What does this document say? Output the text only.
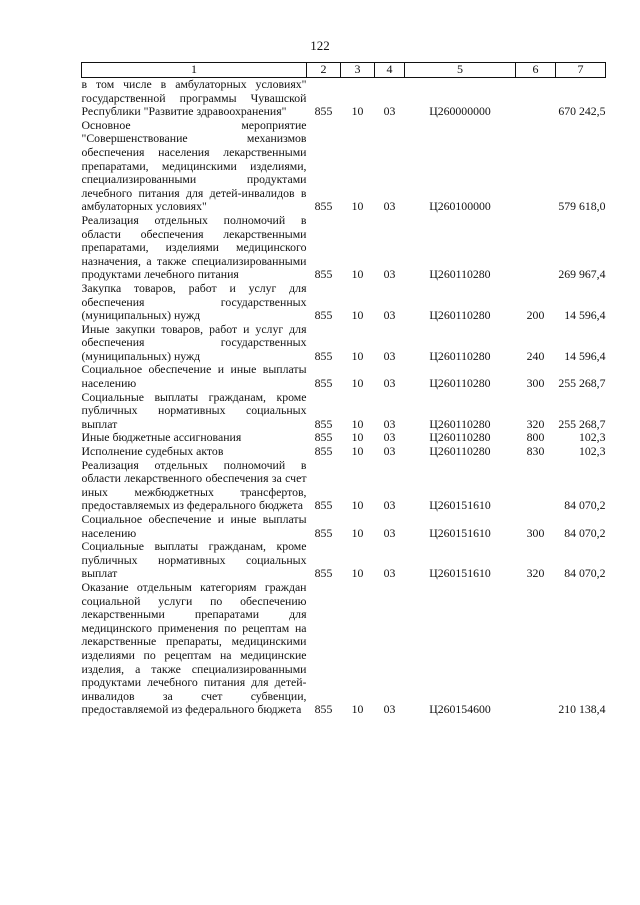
122
1	2	3	4	5	6	7
в том числе в амбулаторных условиях" государственной программы Чувашской Республики "Развитие здравоохранения"	855	10	03	Ц260000000		670 242,5
Основное мероприятие "Совершенствование механизмов обеспечения населения лекарственными препаратами, медицинскими изделиями, специализированными продуктами лечебного питания для детей-инвалидов в амбулаторных условиях"	855	10	03	Ц260100000		579 618,0
Реализация отдельных полномочий в области обеспечения лекарственными препаратами, изделиями медицинского назначения, а также специализированными продуктами лечебного питания	855	10	03	Ц260110280		269 967,4
Закупка товаров, работ и услуг для обеспечения государственных (муниципальных) нужд	855	10	03	Ц260110280	200	14 596,4
Иные закупки товаров, работ и услуг для обеспечения государственных (муниципальных) нужд	855	10	03	Ц260110280	240	14 596,4
Социальное обеспечение и иные выплаты населению	855	10	03	Ц260110280	300	255 268,7
Социальные выплаты гражданам, кроме публичных нормативных социальных выплат	855	10	03	Ц260110280	320	255 268,7
Иные бюджетные ассигнования	855	10	03	Ц260110280	800	102,3
Исполнение судебных актов	855	10	03	Ц260110280	830	102,3
Реализация отдельных полномочий в области лекарственного обеспечения за счет иных межбюджетных трансфертов, предоставляемых из федерального бюджета	855	10	03	Ц260151610		84 070,2
Социальное обеспечение и иные выплаты населению	855	10	03	Ц260151610	300	84 070,2
Социальные выплаты гражданам, кроме публичных нормативных социальных выплат	855	10	03	Ц260151610	320	84 070,2
Оказание отдельным категориям граждан социальной услуги по обеспечению лекарственными препаратами для медицинского применения по рецептам на лекарственные препараты, медицинскими изделиями по рецептам на медицинские изделия, а также специализированными продуктами лечебного питания для детей-инвалидов за счет субвенции, предоставляемой из федерального бюджета	855	10	03	Ц260154600		210 138,4
